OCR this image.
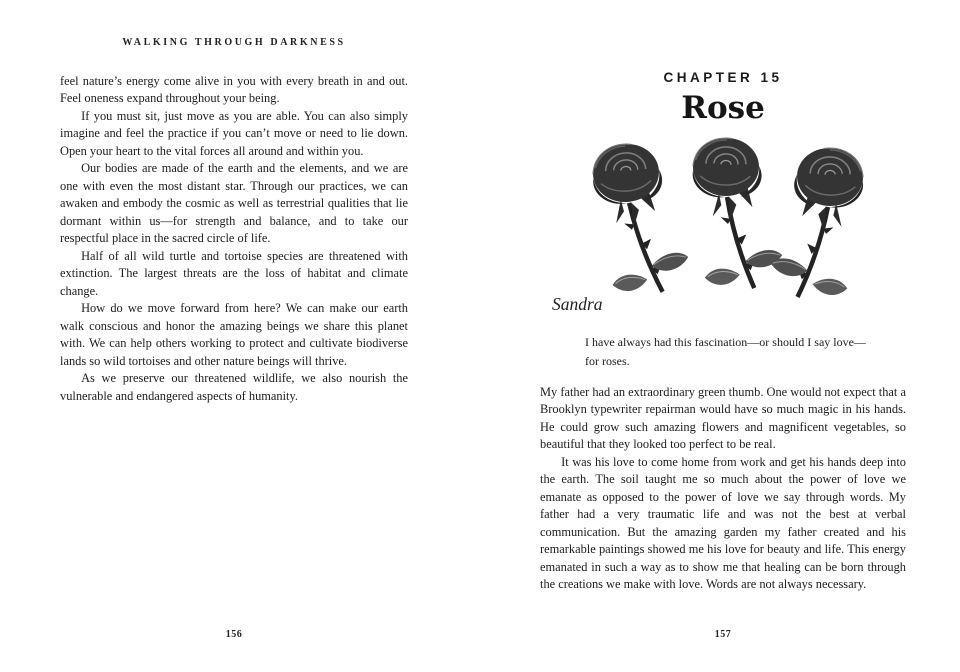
WALKING THROUGH DARKNESS

feel nature’s energy come alive in you with every breath in and out. Feel oneness expand throughout your being.

If you must sit, just move as you are able. You can also simply imagine and feel the practice if you can’t move or need to lie down. Open your heart to the vital forces all around and within you.

Our bodies are made of the earth and the elements, and we are one with even the most distant star. Through our practices, we can awaken and embody the cosmic as well as terrestrial qualities that lie dormant within us—for strength and balance, and to take our respectful place in the sacred circle of life.

Half of all wild turtle and tortoise species are threatened with extinction. The largest threats are the loss of habitat and climate change.

How do we move forward from here? We can make our earth walk conscious and honor the amazing beings we share this planet with. We can help others working to protect and cultivate biodiverse lands so wild tortoises and other nature beings will thrive.

As we preserve our threatened wildlife, we also nourish the vulnerable and endangered aspects of humanity.

156
CHAPTER 15
Rose
Sandra
I have always had this fascination—or should I say love—
for roses.

My father had an extraordinary green thumb. One would not expect that a Brooklyn typewriter repairman would have so much magic in his hands. He could grow such amazing flowers and magnificent vegetables, so beautiful that they looked too perfect to be real.

It was his love to come home from work and get his hands deep into the earth. The soil taught me so much about the power of love we emanate as opposed to the power of love we say through words. My father had a very traumatic life and was not the best at verbal communication. But the amazing garden my father created and his remarkable paintings showed me his love for beauty and life. This energy emanated in such a way as to show me that healing can be born through the creations we make with love. Words are not always necessary.

157
